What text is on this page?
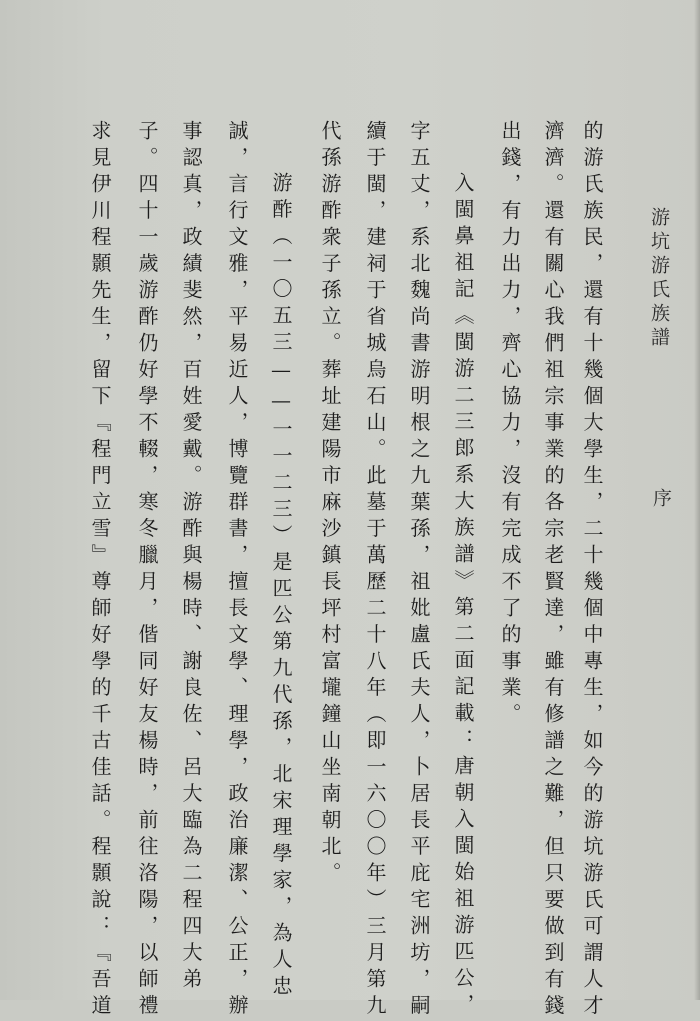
游坑游氏族譜
序
的游氏族民，還有十幾個大學生，二十幾個中專生，如今的游坑游氏可謂人才
濟濟。還有關心我們祖宗事業的各宗老賢達，雖有修譜之難，但只要做到有錢
出錢，有力出力，齊心協力，沒有完成不了的事業。
入閩鼻祖記《閩游二三郎系大族譜》第二面記載：唐朝入閩始祖游匹公，
字五丈，系北魏尚書游明根之九葉孫，祖妣盧氏夫人，卜居長平庇宅洲坊，嗣
續于閩，建祠于省城烏石山。此墓于萬歷二十八年（即一六〇〇年）三月第九
代孫游酢衆子孫立。葬址建陽市麻沙鎮長坪村富壠鐘山坐南朝北。
游酢（一〇五三——一一二三）是匹公第九代孫，北宋理學家，為人忠
誠，言行文雅，平易近人，博覽群書，擅長文學、理學，政治廉潔、公正，辦
事認真，政績斐然，百姓愛戴。游酢與楊時、謝良佐、呂大臨為二程四大弟
子。四十一歲游酢仍好學不輟，寒冬臘月，偕同好友楊時，前往洛陽，以師禮
求見伊川程顥先生，留下『程門立雪』尊師好學的千古佳話。程顥說：『吾道
